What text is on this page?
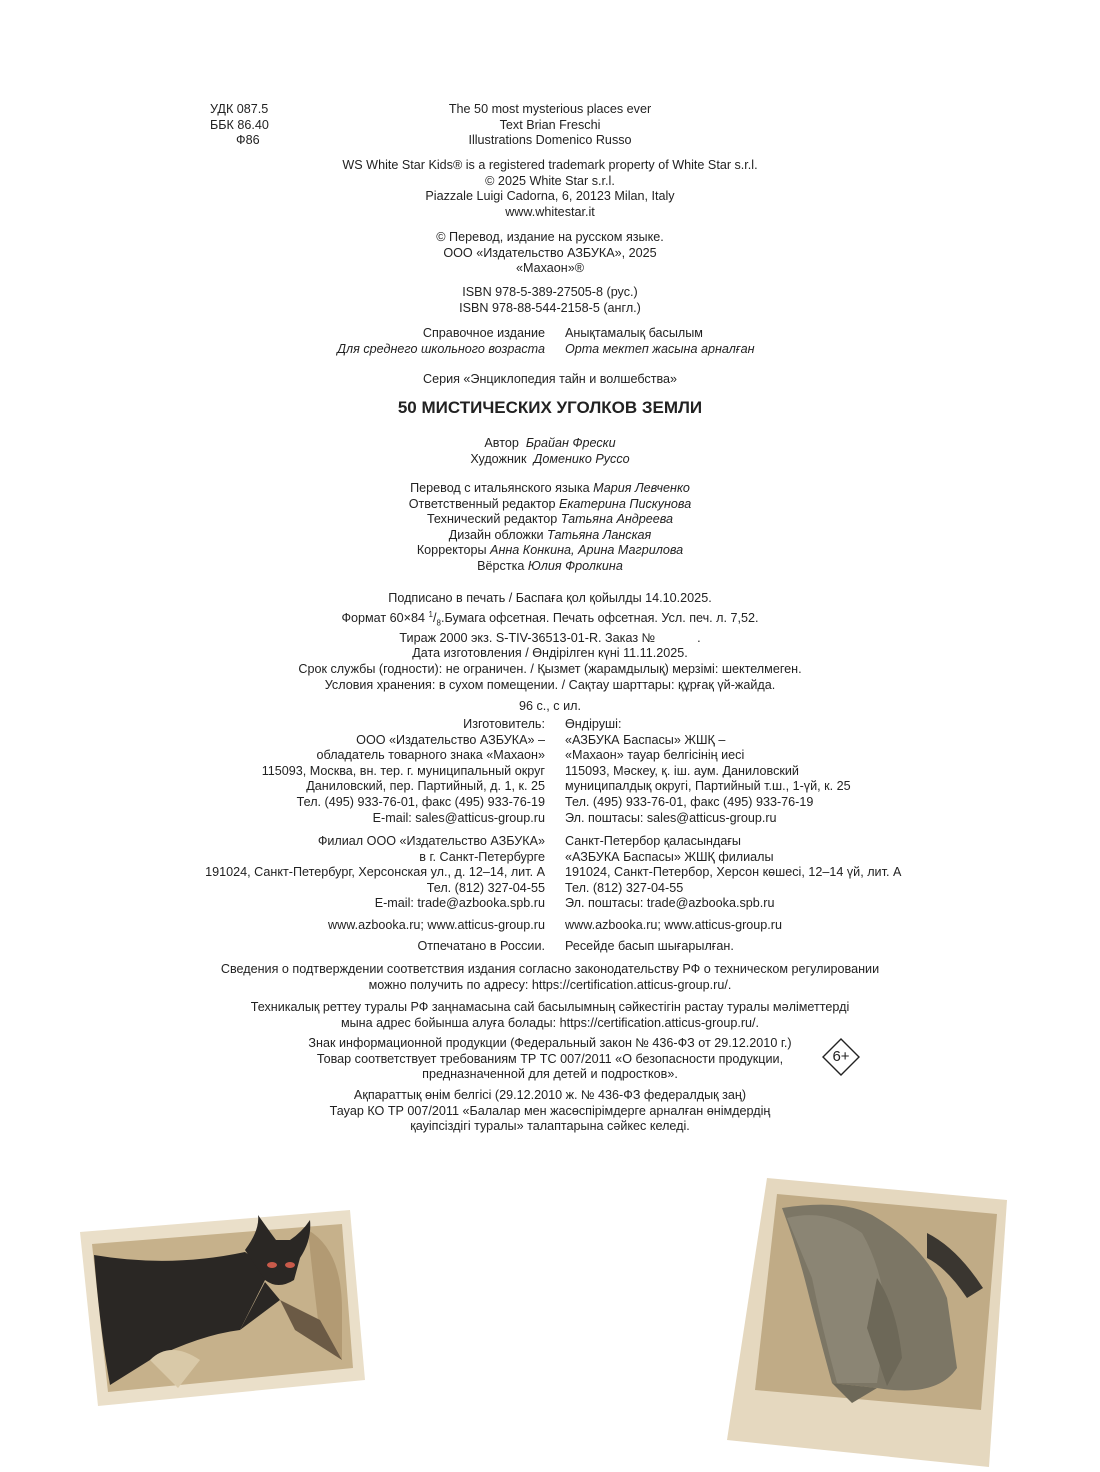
УДК 087.5
ББК 86.40
Ф86
The 50 most mysterious places ever
Text Brian Freschi
Illustrations Domenico Russo
WS White Star Kids® is a registered trademark property of White Star s.r.l.
© 2025 White Star s.r.l.
Piazzale Luigi Cadorna, 6, 20123 Milan, Italy
www.whitestar.it
© Перевод, издание на русском языке.
ООО «Издательство АЗБУКА», 2025
«Махаон»®
ISBN 978-5-389-27505-8 (рус.)
ISBN 978-88-544-2158-5 (англ.)
Справочное издание
Для среднего школьного возраста
Анықтамалық басылым
Орта мектеп жасына арналған
Серия «Энциклопедия тайн и волшебства»
50 МИСТИЧЕСКИХ УГОЛКОВ ЗЕМЛИ
Автор Брайан Фрески
Художник Доменико Руссо
Перевод с итальянского языка Мария Левченко
Ответственный редактор Екатерина Пискунова
Технический редактор Татьяна Андреева
Дизайн обложки Татьяна Ланская
Корректоры Анна Конкина, Арина Магрилова
Вёрстка Юлия Фролкина
Подписано в печать / Баспаға қол қойылды 14.10.2025.
Формат 60×84 $^1/_8.Бумага$ офсетная. Печать офсетная. Усл. печ. л. 7,52.
Тираж 2000 экз. S-TIV-36513-01-R. Заказ №            .
Дата изготовления / Өндірілген күні 11.11.2025.
Срок службы (годности): не ограничен. / Қызмет (жарамдылық) мерзімі: шектелмеген.
Условия хранения: в сухом помещении. / Сақтау шарттары: құрғақ үй-жайда.
96 с., с ил.
Изготовитель:
ООО «Издательство АЗБУКА» –
обладатель товарного знака «Махаон»
115093, Москва, вн. тер. г. муниципальный округ
Даниловский, пер. Партийный, д. 1, к. 25
Тел. (495) 933-76-01, факс (495) 933-76-19
E-mail: sales@atticus-group.ru
Өндіруші:
«АЗБУКА Баспасы» ЖШҚ –
«Махаон» тауар белгісінің иесі
115093, Мәскеу, қ. іш. аум. Даниловский
муниципалдық округі, Партийный т.ш., 1-үй, к. 25
Тел. (495) 933-76-01, факс (495) 933-76-19
Эл. поштасы: sales@atticus-group.ru
Филиал ООО «Издательство АЗБУКА»
в г. Санкт-Петербурге
191024, Санкт-Петербург, Херсонская ул., д. 12–14, лит. А
Тел. (812) 327-04-55
E-mail: trade@azbooka.spb.ru
Санкт-Петербор қаласындағы
«АЗБУКА Баспасы» ЖШҚ филиалы
191024, Санкт-Петербор, Херсон көшесі, 12–14 үй, лит. А
Тел. (812) 327-04-55
Эл. поштасы: trade@azbooka.spb.ru
www.azbooka.ru; www.atticus-group.ru www.azbooka.ru; www.atticus-group.ru
Отпечатано в России. Ресейде басып шығарылған.
Сведения о подтверждении соответствия издания согласно законодательству РФ о техническом регулировании
можно получить по адресу: https://certification.atticus-group.ru/.
Техникалық реттеу туралы РФ заңнамасына сай басылымның сәйкестігін растау туралы мәліметтерді
мына адрес бойынша алуға болады: https://certification.atticus-group.ru/.
Знак информационной продукции (Федеральный закон № 436-ФЗ от 29.12.2010 г.)
Товар соответствует требованиям ТР ТС 007/2011 «О безопасности продукции,
предназначенной для детей и подростков».
6+
Ақпараттық өнім белгісі (29.12.2010 ж. № 436-ФЗ федералдық заң)
Тауар КО ТР 007/2011 «Балалар мен жасөспірімдерге арналған өнімдердің
қауіпсіздігі туралы» талаптарына сәйкес келеді.
